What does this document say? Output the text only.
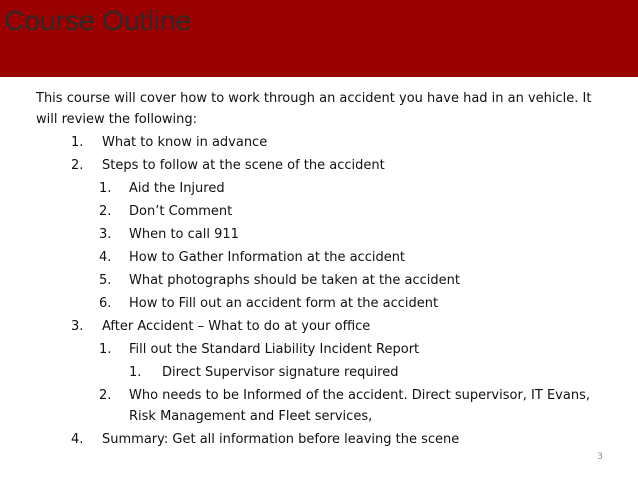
Course Outline
This course will cover how to work through an accident you have had in an vehicle. It will review the following:
1. What to know in advance
2. Steps to follow at the scene of the accident
1. Aid the Injured
2. Don’t Comment
3. When to call 911
4. How to Gather Information at the accident
5. What photographs should be taken at the accident
6. How to Fill out an accident form at the accident
3. After Accident – What to do at your office
1. Fill out the Standard Liability Incident Report
1. Direct Supervisor signature required
2. Who needs to be Informed of the accident. Direct supervisor, IT Evans, Risk Management and Fleet services,
4. Summary: Get all information before leaving the scene
3
